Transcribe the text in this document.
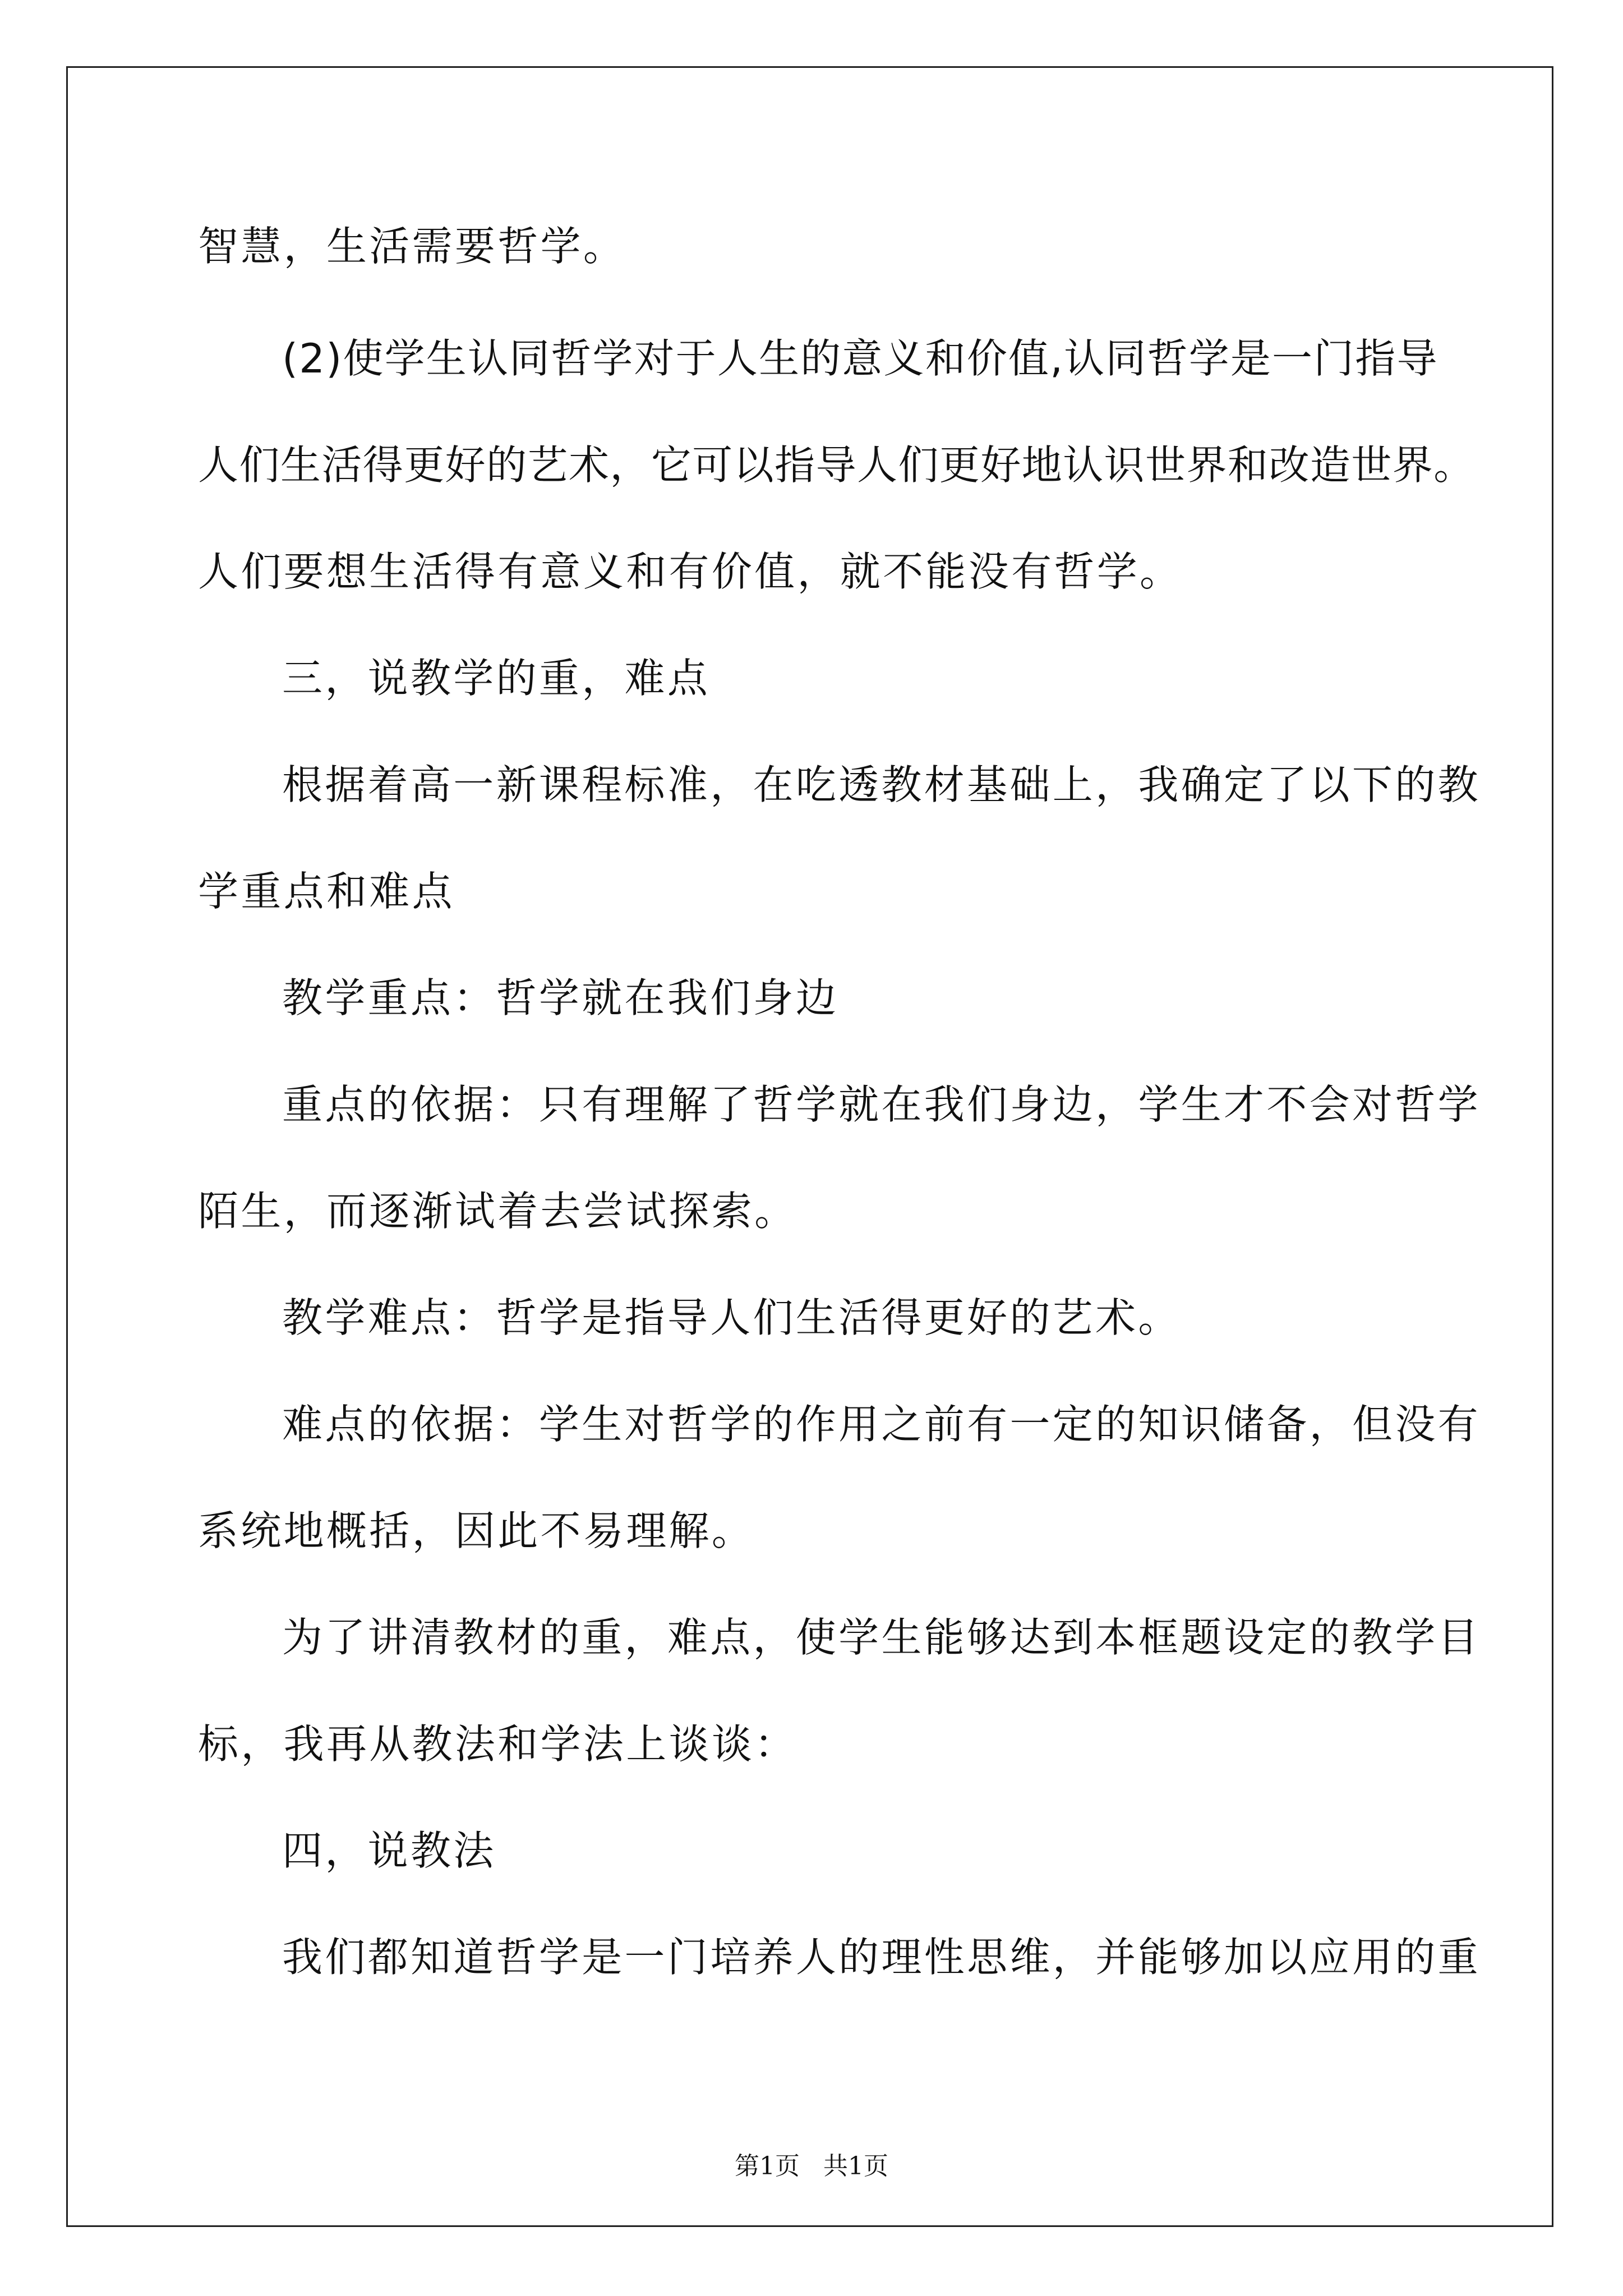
智慧，生活需要哲学。
(2)使学生认同哲学对于人生的意义和价值,认同哲学是一门指导
人们生活得更好的艺术，它可以指导人们更好地认识世界和改造世界。
人们要想生活得有意义和有价值，就不能没有哲学。
三，说教学的重，难点
根据着高一新课程标准，在吃透教材基础上，我确定了以下的教
学重点和难点
教学重点：哲学就在我们身边
重点的依据：只有理解了哲学就在我们身边，学生才不会对哲学
陌生，而逐渐试着去尝试探索。
教学难点：哲学是指导人们生活得更好的艺术。
难点的依据：学生对哲学的作用之前有一定的知识储备，但没有
系统地概括，因此不易理解。
为了讲清教材的重，难点，使学生能够达到本框题设定的教学目
标，我再从教法和学法上谈谈：
四，说教法
我们都知道哲学是一门培养人的理性思维，并能够加以应用的重
第1页   共1页
